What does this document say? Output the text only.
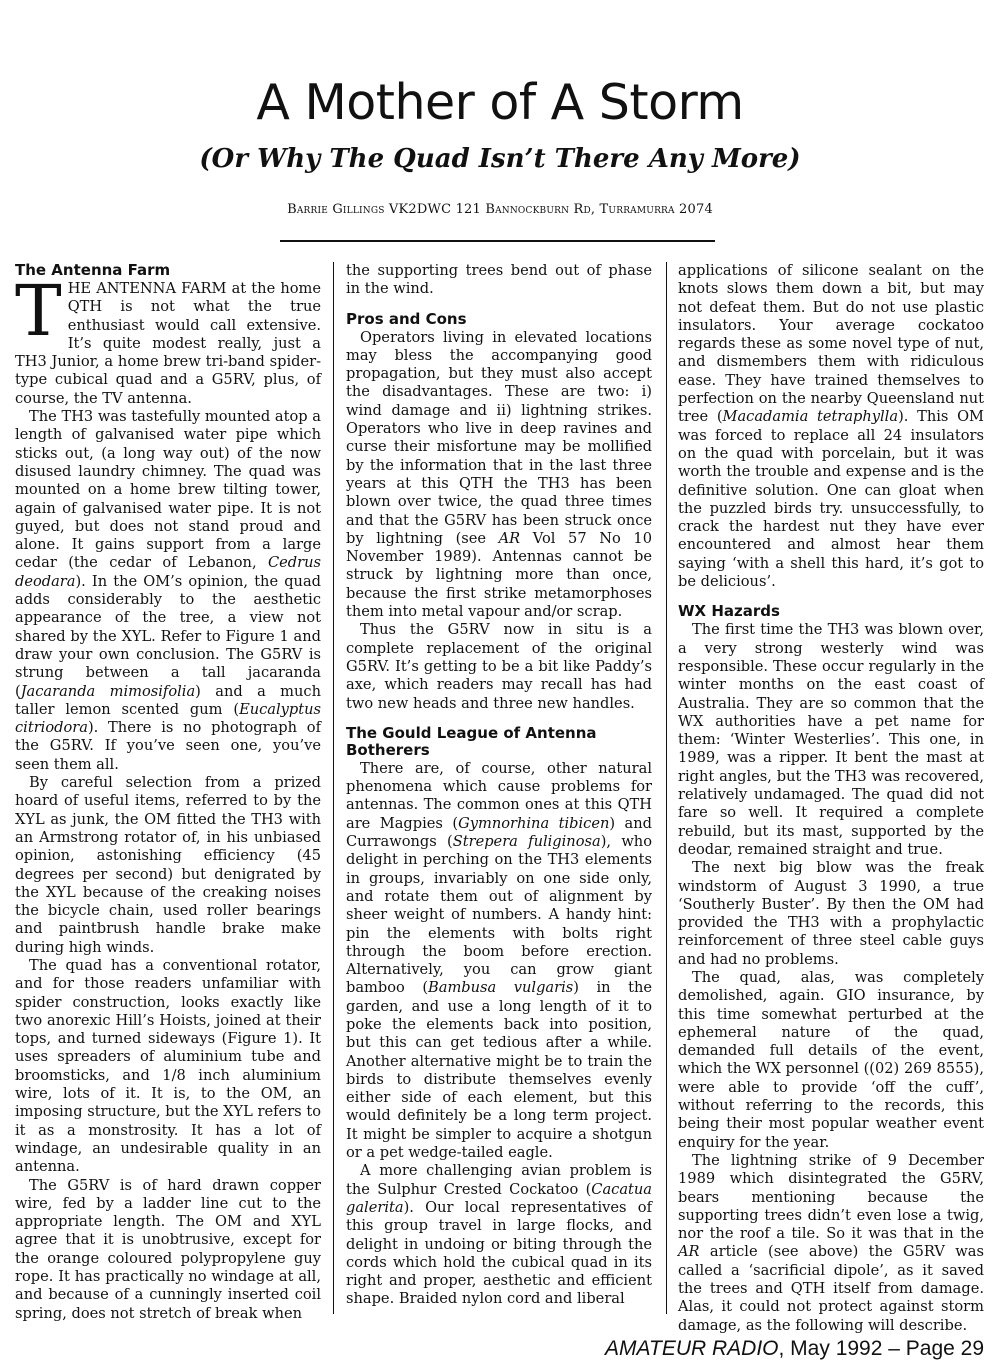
A Mother of A Storm
(Or Why The Quad Isn’t There Any More)
Barrie Gillings VK2DWC 121 Bannockburn Rd, Turramurra 2074
The Antenna Farm

THE ANTENNA FARM at the home QTH is not what the true enthusiast would call extensive. It’s quite modest really, just a TH3 Junior, a home brew tri-band spider-type cubical quad and a G5RV, plus, of course, the TV antenna.

The TH3 was tastefully mounted atop a length of galvanised water pipe which sticks out, (a long way out) of the now disused laundry chimney. The quad was mounted on a home brew tilting tower, again of galvanised water pipe. It is not guyed, but does not stand proud and alone. It gains support from a large cedar (the cedar of Lebanon, Cedrus deodara). In the OM’s opinion, the quad adds considerably to the aesthetic appearance of the tree, a view not shared by the XYL. Refer to Figure 1 and draw your own conclusion. The G5RV is strung between a tall jacaranda (Jacaranda mimosifolia) and a much taller lemon scented gum (Eucalyptus citriodora). There is no photograph of the G5RV. If you’ve seen one, you’ve seen them all.

By careful selection from a prized hoard of useful items, referred to by the XYL as junk, the OM fitted the TH3 with an Armstrong rotator of, in his unbiased opinion, astonishing efficiency (45 degrees per second) but denigrated by the XYL because of the creaking noises the bicycle chain, used roller bearings and paintbrush handle brake make during high winds.

The quad has a conventional rotator, and for those readers unfamiliar with spider construction, looks exactly like two anorexic Hill’s Hoists, joined at their tops, and turned sideways (Figure 1). It uses spreaders of aluminium tube and broomsticks, and 1/8 inch aluminium wire, lots of it. It is, to the OM, an imposing structure, but the XYL refers to it as a monstrosity. It has a lot of windage, an undesirable quality in an antenna.

The G5RV is of hard drawn copper wire, fed by a ladder line cut to the appropriate length. The OM and XYL agree that it is unobtrusive, except for the orange coloured polypropylene guy rope. It has practically no windage at all, and because of a cunningly inserted coil spring, does not stretch of break when

the supporting trees bend out of phase in the wind.

Pros and Cons

Operators living in elevated locations may bless the accompanying good propagation, but they must also accept the disadvantages. These are two: i) wind damage and ii) lightning strikes. Operators who live in deep ravines and curse their misfortune may be mollified by the information that in the last three years at this QTH the TH3 has been blown over twice, the quad three times and that the G5RV has been struck once by lightning (see AR Vol 57 No 10 November 1989). Antennas cannot be struck by lightning more than once, because the first strike metamorphoses them into metal vapour and/or scrap.

Thus the G5RV now in situ is a complete replacement of the original G5RV. It’s getting to be a bit like Paddy’s axe, which readers may recall has had two new heads and three new handles.

The Gould League of Antenna Botherers

There are, of course, other natural phenomena which cause problems for antennas. The common ones at this QTH are Magpies (Gymnorhina tibicen) and Currawongs (Strepera fuliginosa), who delight in perching on the TH3 elements in groups, invariably on one side only, and rotate them out of alignment by sheer weight of numbers. A handy hint: pin the elements with bolts right through the boom before erection. Alternatively, you can grow giant bamboo (Bambusa vulgaris) in the garden, and use a long length of it to poke the elements back into position, but this can get tedious after a while. Another alternative might be to train the birds to distribute themselves evenly either side of each element, but this would definitely be a long term project. It might be simpler to acquire a shotgun or a pet wedge-tailed eagle.

A more challenging avian problem is the Sulphur Crested Cockatoo (Cacatua galerita). Our local representatives of this group travel in large flocks, and delight in undoing or biting through the cords which hold the cubical quad in its right and proper, aesthetic and efficient shape. Braided nylon cord and liberal

applications of silicone sealant on the knots slows them down a bit, but may not defeat them. But do not use plastic insulators. Your average cockatoo regards these as some novel type of nut, and dismembers them with ridiculous ease. They have trained themselves to perfection on the nearby Queensland nut tree (Macadamia tetraphylla). This OM was forced to replace all 24 insulators on the quad with porcelain, but it was worth the trouble and expense and is the definitive solution. One can gloat when the puzzled birds try. unsuccessfully, to crack the hardest nut they have ever encountered and almost hear them saying ‘with a shell this hard, it’s got to be delicious’.

WX Hazards

The first time the TH3 was blown over, a very strong westerly wind was responsible. These occur regularly in the winter months on the east coast of Australia. They are so common that the WX authorities have a pet name for them: ‘Winter Westerlies’. This one, in 1989, was a ripper. It bent the mast at right angles, but the TH3 was recovered, relatively undamaged. The quad did not fare so well. It required a complete rebuild, but its mast, supported by the deodar, remained straight and true.

The next big blow was the freak windstorm of August 3 1990, a true ‘Southerly Buster’. By then the OM had provided the TH3 with a prophylactic reinforcement of three steel cable guys and had no problems.

The quad, alas, was completely demolished, again. GIO insurance, by this time somewhat perturbed at the ephemeral nature of the quad, demanded full details of the event, which the WX personnel ((02) 269 8555), were able to provide ‘off the cuff’, without referring to the records, this being their most popular weather event enquiry for the year.

The lightning strike of 9 December 1989 which disintegrated the G5RV, bears mentioning because the supporting trees didn’t even lose a twig, nor the roof a tile. So it was that in the AR article (see above) the G5RV was called a ‘sacrificial dipole’, as it saved the trees and QTH itself from damage. Alas, it could not protect against storm damage, as the following will describe.

AMATEUR RADIO, May 1992 – Page 29
